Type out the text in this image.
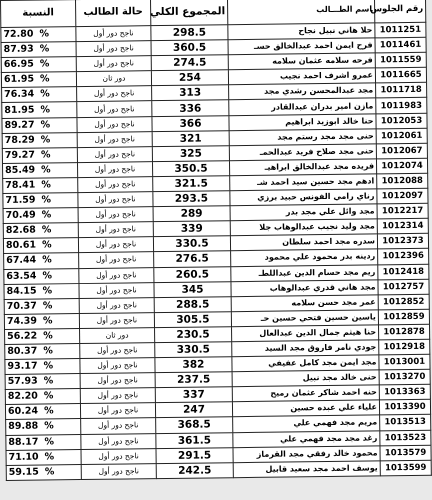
رقم الجلوس	اسم الطـــالب	المجموع الكلي	حالة الطالب	النسبة
1011251	حلا هاني نبيل نجاح	298.5	ناجح دور أول	72.80 %
1011461	فرح ايمن احمد عبدالخالق حسـ	360.5	ناجح دور أول	87.93 %
1011559	فرحه سلامه عثمان سلامه	274.5	ناجح دور أول	66.95 %
1011665	عمرو اشرف احمد نجيب	254	دور ثان	61.95 %
1011718	مجد عبدالمحسن رشدي مجد	313	ناجح دور أول	76.34 %
1011983	مازن امير بدران عبدالقادر	336	ناجح دور أول	81.95 %
1012053	حنا خالد ابوزيد ابراهيم	366	ناجح دور أول	89.27 %
1012061	حنى مجد مجد رستم مجد	321	ناجح دور أول	78.29 %
1012067	حنى مجد صلاح فريد عبدالحمـ	325	ناجح دور أول	79.27 %
1012074	فريده مجد عبدالخالق ابراهيـ	350.5	ناجح دور أول	85.49 %
1012088	ادهم مجد حسين سيد احمد شـ	321.5	ناجح دور أول	78.41 %
1012097	رناي رامي الفونس حبيد برزي	293.5	ناجح دور أول	71.59 %
1012217	مجد وائل علي مجد بدر	289	ناجح دور أول	70.49 %
1012314	مجد وليد نجيب عبدالوهاب جلا	339	ناجح دور أول	82.68 %
1012373	سدره مجد احمد سلطان	330.5	ناجح دور أول	80.61 %
1012396	ردينه بدر محمود علي محمود	276.5	ناجح دور أول	67.44 %
1012418	ريم مجد حسام الدين عبداللطـ	260.5	ناجح دور أول	63.54 %
1012757	مجد هاني قدري عبدالوهاب	345	ناجح دور أول	84.15 %
1012852	عمر مجد حسن سلامه	288.5	ناجح دور أول	70.37 %
1012859	ياسين حسين فتحي حسين حـ	305.5	ناجح دور أول	74.39 %
1012878	حنا هيثم جمال الدين عبدالعال	230.5	دور ثان	56.22 %
1012918	جودي نامر فاروق مجد السيد	330.5	ناجح دور أول	80.37 %
1013001	مجد ايمن مجد كامل عفيفي	382	ناجح دور أول	93.17 %
1013270	حنى خالد مجد نبيل	237.5	ناجح دور أول	57.93 %
1013363	حنه احمد شاكر عثمان رميح	337	ناجح دور أول	82.20 %
1013390	علياء علي عبده حسين	247	ناجح دور أول	60.24 %
1013513	مريم مجد فهمي علي	368.5	ناجح دور أول	89.88 %
1013523	رغد مجد مجد فهمي علي	361.5	ناجح دور أول	88.17 %
1013579	محمود خالد رفقي مجد القرماز	291.5	ناجح دور أول	71.10 %
1013599	يوسف احمد مجد سعيد قابيل	242.5	ناجح دور أول	59.15 %
